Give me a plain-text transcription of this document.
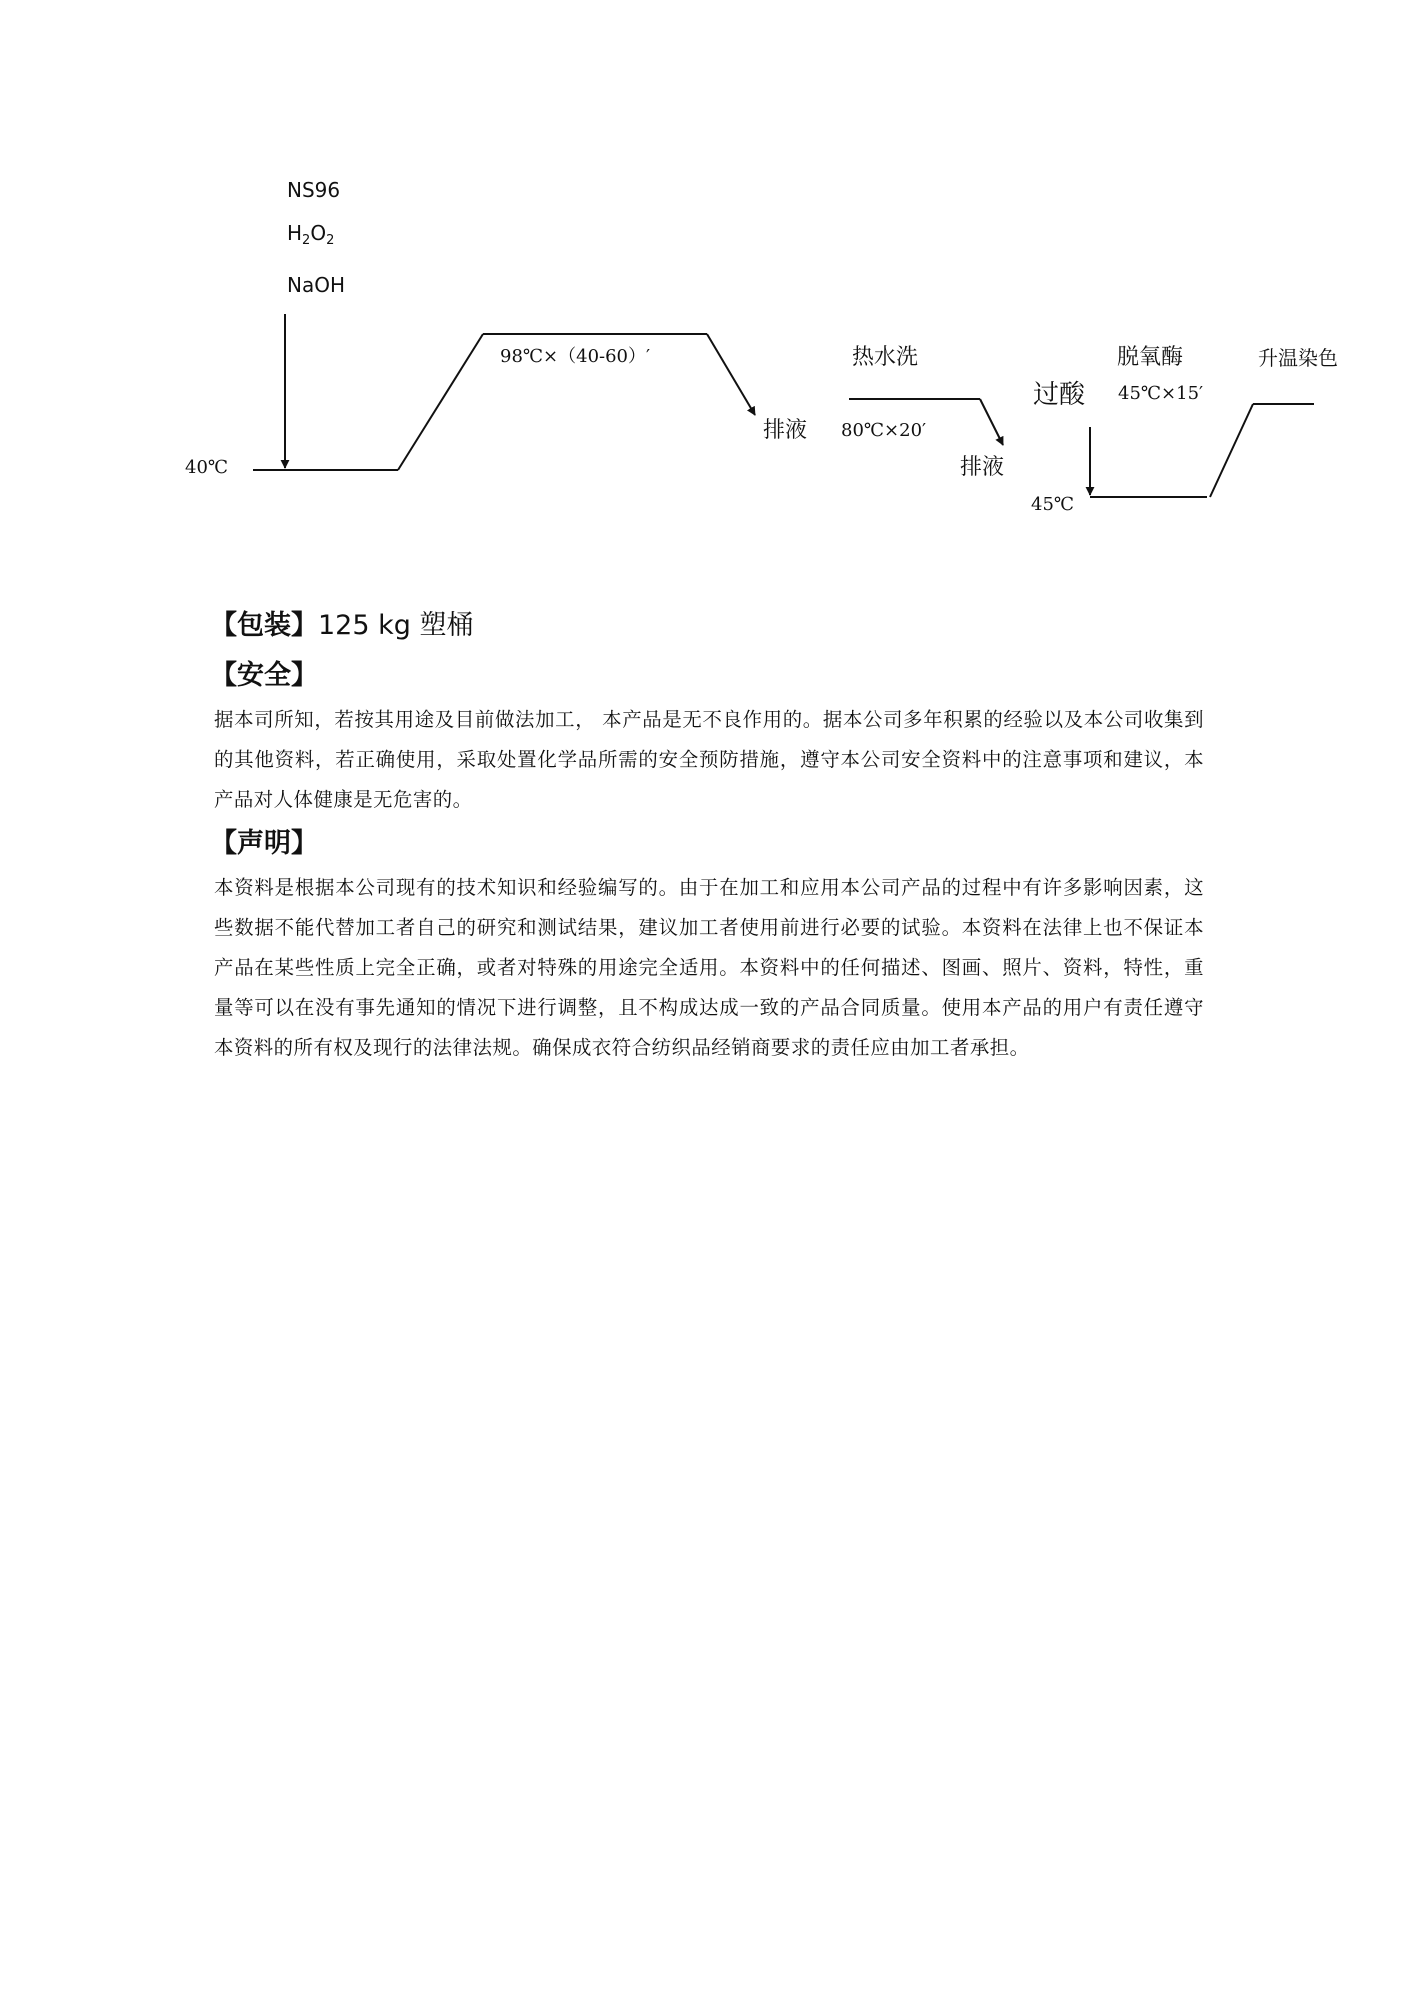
NS96
$H_2O_2$
NaOH
40℃
98℃×（40-60）′
排液
热水洗
80℃×20′
排液
过酸
脱氧酶
45℃×15′
升温染色
45℃
【包装】125 kg 塑桶
【安全】
据本司所知，若按其用途及目前做法加工， 本产品是无不良作用的。据本公司多年积累的经验以及本公司收集到的其他资料，若正确使用，采取处置化学品所需的安全预防措施，遵守本公司安全资料中的注意事项和建议，本产品对人体健康是无危害的。
【声明】
本资料是根据本公司现有的技术知识和经验编写的。由于在加工和应用本公司产品的过程中有许多影响因素，这些数据不能代替加工者自己的研究和测试结果，建议加工者使用前进行必要的试验。本资料在法律上也不保证本产品在某些性质上完全正确，或者对特殊的用途完全适用。本资料中的任何描述、图画、照片、资料，特性，重量等可以在没有事先通知的情况下进行调整，且不构成达成一致的产品合同质量。使用本产品的用户有责任遵守本资料的所有权及现行的法律法规。确保成衣符合纺织品经销商要求的责任应由加工者承担。
